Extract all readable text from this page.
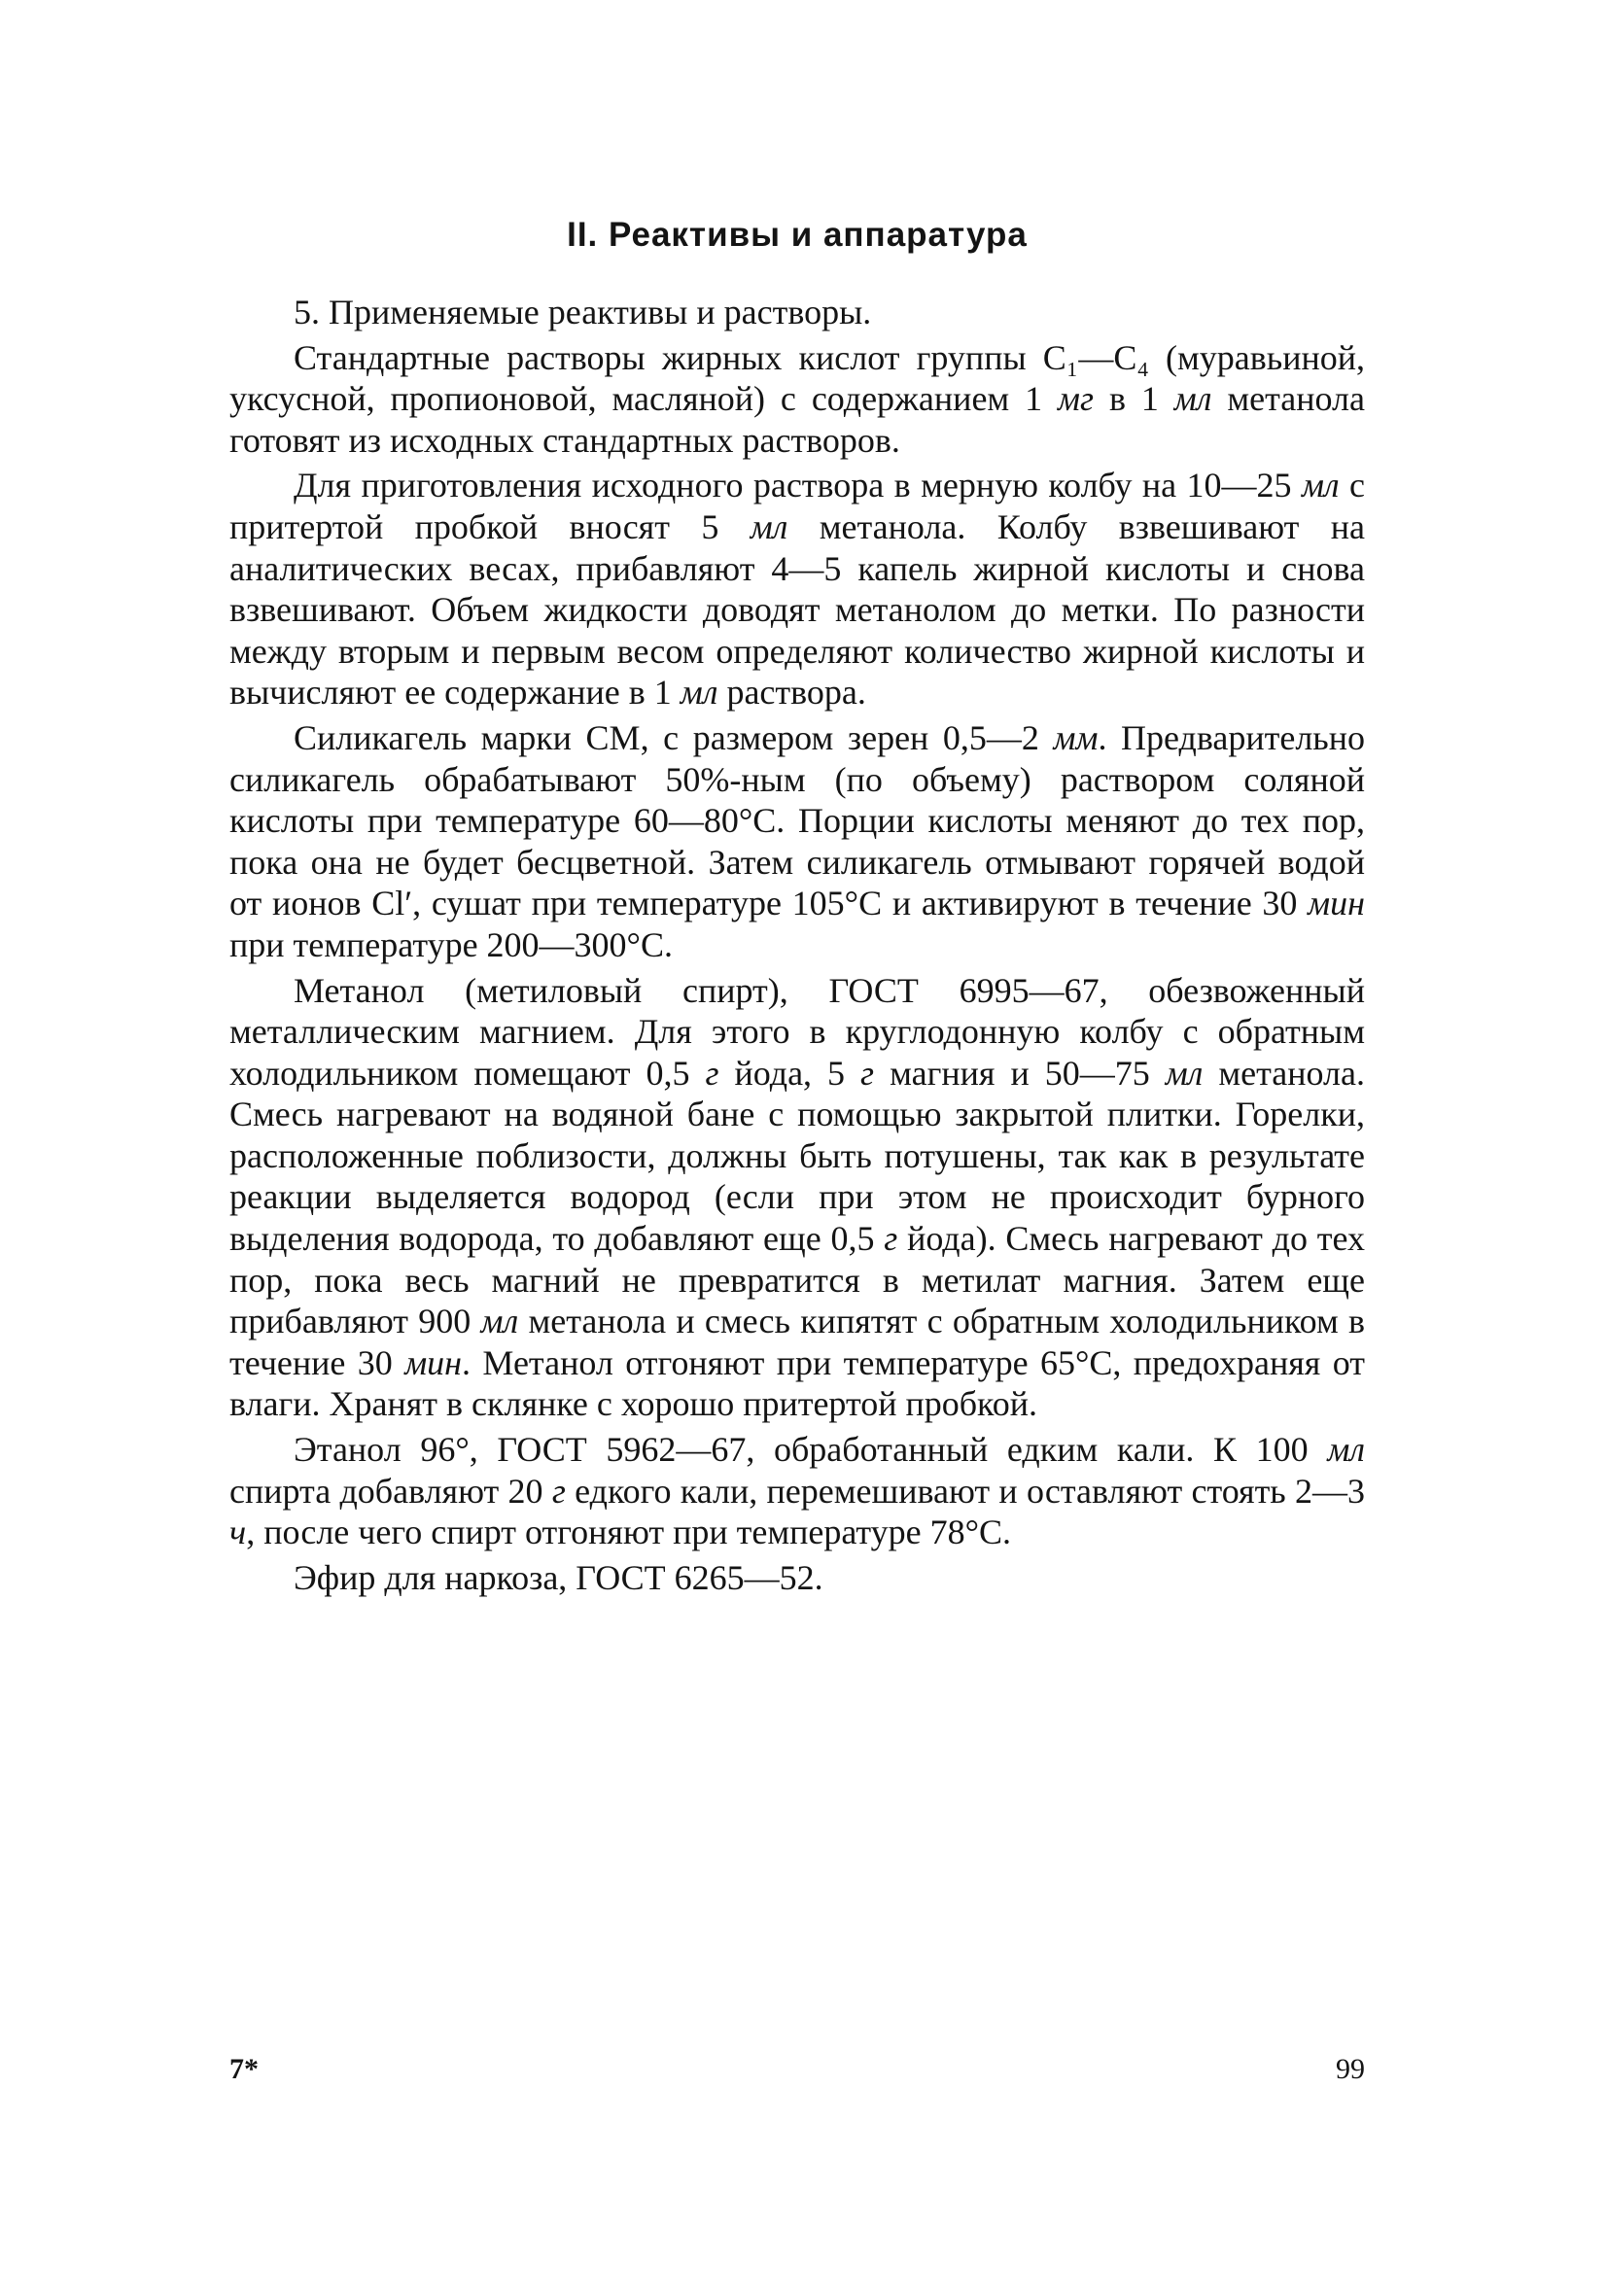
II. Реактивы и аппаратура

5. Применяемые реактивы и растворы.

Стандартные растворы жирных кислот группы C₁—C₄ (муравьиной, уксусной, пропионовой, масляной) с содержанием 1 мг в 1 мл метанола готовят из исходных стандартных растворов.

Для приготовления исходного раствора в мерную колбу на 10—25 мл с притертой пробкой вносят 5 мл метанола. Колбу взвешивают на аналитических весах, прибавляют 4—5 капель жирной кислоты и снова взвешивают. Объем жидкости доводят метанолом до метки. По разности между вторым и первым весом определяют количество жирной кислоты и вычисляют ее содержание в 1 мл раствора.

Силикагель марки СМ, с размером зерен 0,5—2 мм. Предварительно силикагель обрабатывают 50%-ным (по объему) раствором соляной кислоты при температуре 60—80°С. Порции кислоты меняют до тех пор, пока она не будет бесцветной. Затем силикагель отмывают горячей водой от ионов Cl′, сушат при температуре 105°С и активируют в течение 30 мин при температуре 200—300°С.

Метанол (метиловый спирт), ГОСТ 6995—67, обезвоженный металлическим магнием. Для этого в круглодонную колбу с обратным холодильником помещают 0,5 г йода, 5 г магния и 50—75 мл метанола. Смесь нагревают на водяной бане с помощью закрытой плитки. Горелки, расположенные поблизости, должны быть потушены, так как в результате реакции выделяется водород (если при этом не происходит бурного выделения водорода, то добавляют еще 0,5 г йода). Смесь нагревают до тех пор, пока весь магний не превратится в метилат магния. Затем еще прибавляют 900 мл метанола и смесь кипятят с обратным холодильником в течение 30 мин. Метанол отгоняют при температуре 65°С, предохраняя от влаги. Хранят в склянке с хорошо притертой пробкой.

Этанол 96°, ГОСТ 5962—67, обработанный едким кали. К 100 мл спирта добавляют 20 г едкого кали, перемешивают и оставляют стоять 2—3 ч, после чего спирт отгоняют при температуре 78°С.

Эфир для наркоза, ГОСТ 6265—52.

7*	99
